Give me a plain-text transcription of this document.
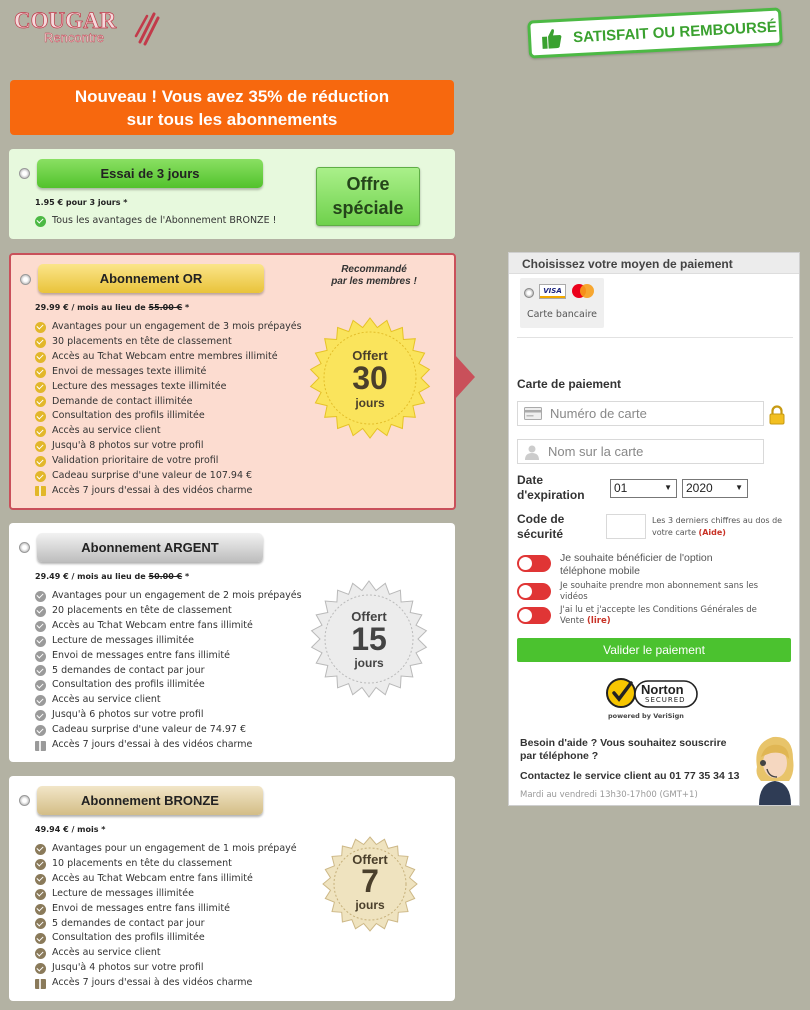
COUGAR
Rencontre	SATISFAIT OU REMBOURSÉ
Nouveau ! Vous avez 35% de réduction
sur tous les abonnements
Essai de 3 jours
1.95 € pour 3 jours *
Tous les avantages de l'Abonnement BRONZE !
Offre
spéciale
Abonnement OR
Recommandé
par les membres !
29.99 € / mois au lieu de 55.00 € *
Avantages pour un engagement de 3 mois prépayés
30 placements en tête de classement
Accès au Tchat Webcam entre membres illimité
Envoi de messages texte illimité
Lecture des messages texte illimitée
Demande de contact illimitée
Consultation des profils illimitée
Accès au service client
Jusqu'à 8 photos sur votre profil
Validation prioritaire de votre profil
Cadeau surprise d'une valeur de 107.94 €
Accès 7 jours d'essai à des vidéos charme
Offert
30
jours
Abonnement ARGENT
29.49 € / mois au lieu de 50.00 € *
Avantages pour un engagement de 2 mois prépayés
20 placements en tête de classement
Accès au Tchat Webcam entre fans illimité
Lecture de messages illimitée
Envoi de messages entre fans illimité
5 demandes de contact par jour
Consultation des profils illimitée
Accès au service client
Jusqu'à 6 photos sur votre profil
Cadeau surprise d'une valeur de 74.97 €
Accès 7 jours d'essai à des vidéos charme
Offert
15
jours
Abonnement BRONZE
49.94 € / mois *
Avantages pour un engagement de 1 mois prépayé
10 placements en tête du classement
Accès au Tchat Webcam entre fans illimité
Lecture de messages illimitée
Envoi de messages entre fans illimité
5 demandes de contact par jour
Consultation des profils illimitée
Accès au service client
Jusqu'à 4 photos sur votre profil
Accès 7 jours d'essai à des vidéos charme
Offert
7
jours
Choisissez votre moyen de paiement
VISA
Carte bancaire
Carte de paiement
Numéro de carte
Nom sur la carte
Date
d'expiration	01	▼	2020	▼
Code de
sécurité
Les 3 derniers chiffres au dos de votre carte (Aide)
Je souhaite bénéficier de l'option
téléphone mobile
Je souhaite prendre mon abonnement sans les vidéos
J'ai lu et j'accepte les Conditions Générales de Vente (lire)
Valider le paiement
Norton
SECURED
powered by VeriSign
Besoin d'aide ? Vous souhaitez souscrire par téléphone ?
Contactez le service client au 01 77 35 34 13
Mardi au vendredi 13h30-17h00 (GMT+1)
